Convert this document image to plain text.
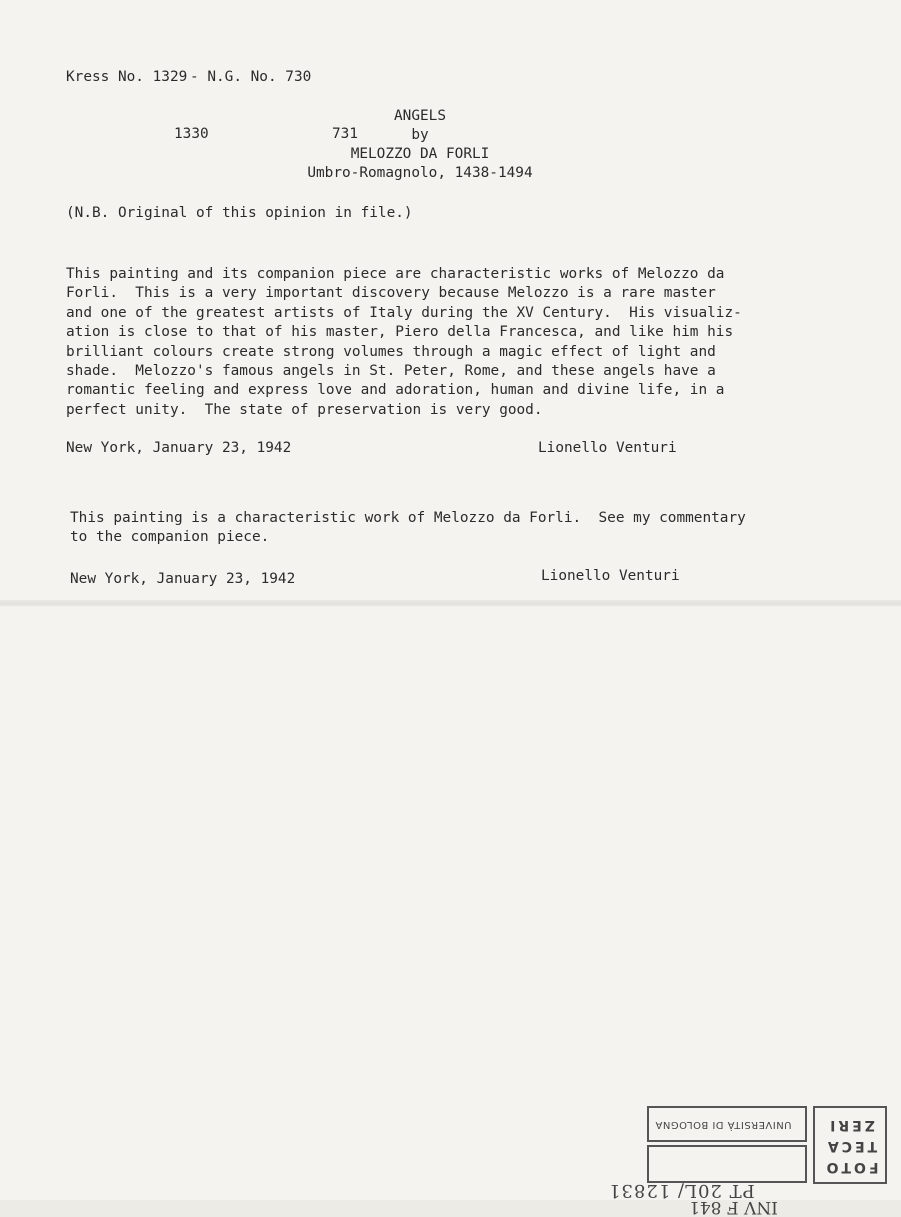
Kress No. 1329 - N.G. No. 730

1330	731

ANGELS
by
MELOZZO DA FORLI
Umbro-Romagnolo, 1438-1494
(N.B. Original of this opinion in file.)
This painting and its companion piece are characteristic works of Melozzo da
Forli.  This is a very important discovery because Melozzo is a rare master
and one of the greatest artists of Italy during the XV Century.  His visualiz-
ation is close to that of his master, Piero della Francesca, and like him his
brilliant colours create strong volumes through a magic effect of light and
shade.  Melozzo's famous angels in St. Peter, Rome, and these angels have a
romantic feeling and express love and adoration, human and divine life, in a
perfect unity.  The state of preservation is very good.
New York, January 23, 1942	Lionello Venturi
This painting is a characteristic work of Melozzo da Forli.  See my commentary
to the companion piece.
New York, January 23, 1942	Lionello Venturi
UNIVERSITÀ DI BOLOGNA
INV F 841
FOTO
TECA
ZERI
PT 20L/ 12831
